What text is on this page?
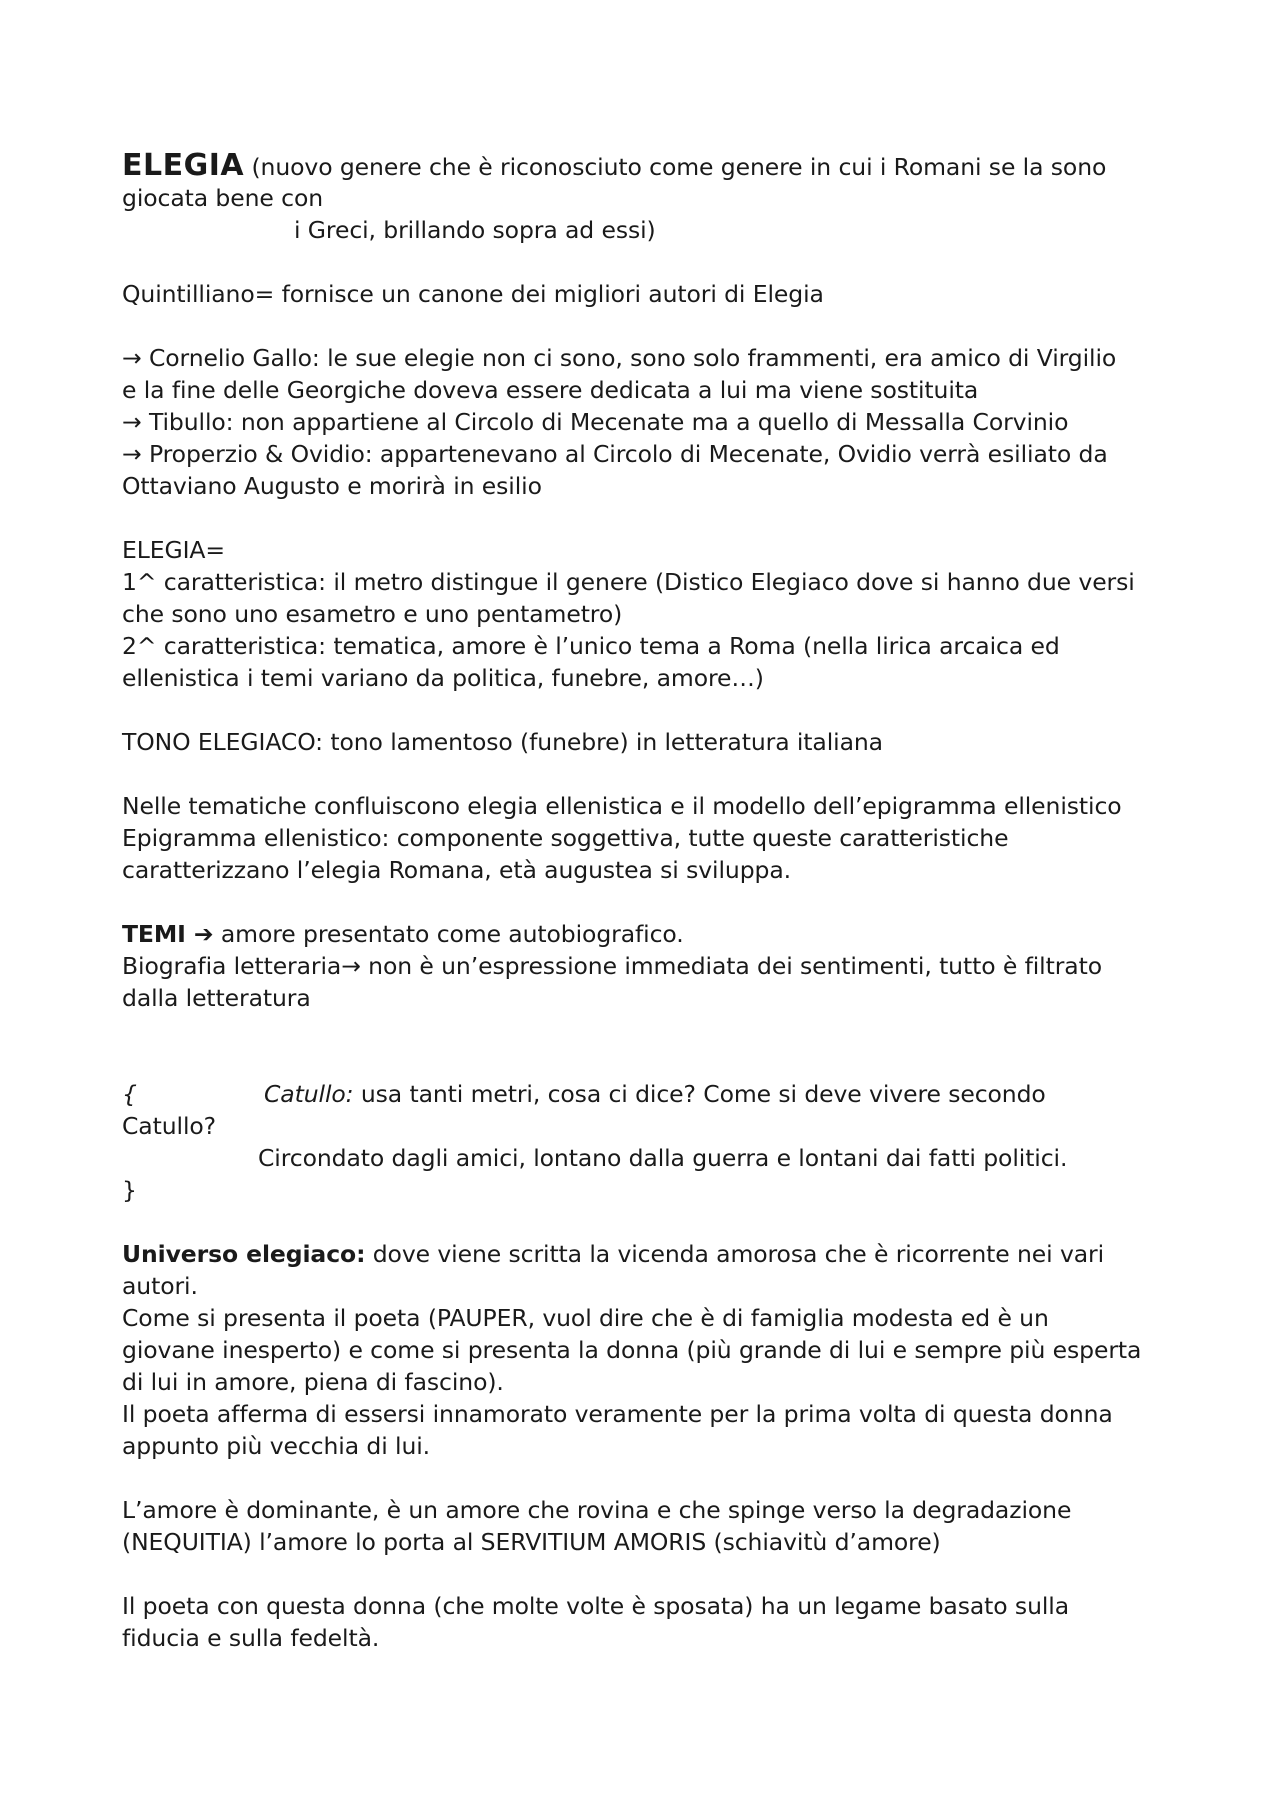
ELEGIA (nuovo genere che è riconosciuto come genere in cui i Romani se la sono
giocata bene con
i Greci, brillando sopra ad essi)
Quintilliano= fornisce un canone dei migliori autori di Elegia
→ Cornelio Gallo: le sue elegie non ci sono, sono solo frammenti, era amico di Virgilio
e la fine delle Georgiche doveva essere dedicata a lui ma viene sostituita
→ Tibullo: non appartiene al Circolo di Mecenate ma a quello di Messalla Corvinio
→ Properzio & Ovidio: appartenevano al Circolo di Mecenate, Ovidio verrà esiliato da
Ottaviano Augusto e morirà in esilio
ELEGIA=
1^ caratteristica: il metro distingue il genere (Distico Elegiaco dove si hanno due versi
che sono uno esametro e uno pentametro)
2^ caratteristica: tematica, amore è l’unico tema a Roma (nella lirica arcaica ed
ellenistica i temi variano da politica, funebre, amore…)
TONO ELEGIACO: tono lamentoso (funebre) in letteratura italiana
Nelle tematiche confluiscono elegia ellenistica e il modello dell’epigramma ellenistico
Epigramma ellenistico: componente soggettiva, tutte queste caratteristiche
caratterizzano l’elegia Romana, età augustea si sviluppa.
TEMI ➔ amore presentato come autobiografico.
Biografia letteraria→ non è un’espressione immediata dei sentimenti, tutto è filtrato
dalla letteratura
{	Catullo: usa tanti metri, cosa ci dice? Come si deve vivere secondo
Catullo?
Circondato dagli amici, lontano dalla guerra e lontani dai fatti politici.
}
Universo elegiaco: dove viene scritta la vicenda amorosa che è ricorrente nei vari
autori.
Come si presenta il poeta (PAUPER, vuol dire che è di famiglia modesta ed è un
giovane inesperto) e come si presenta la donna (più grande di lui e sempre più esperta
di lui in amore, piena di fascino).
Il poeta afferma di essersi innamorato veramente per la prima volta di questa donna
appunto più vecchia di lui.
L’amore è dominante, è un amore che rovina e che spinge verso la degradazione
(NEQUITIA) l’amore lo porta al SERVITIUM AMORIS (schiavitù d’amore)
Il poeta con questa donna (che molte volte è sposata) ha un legame basato sulla
fiducia e sulla fedeltà.
